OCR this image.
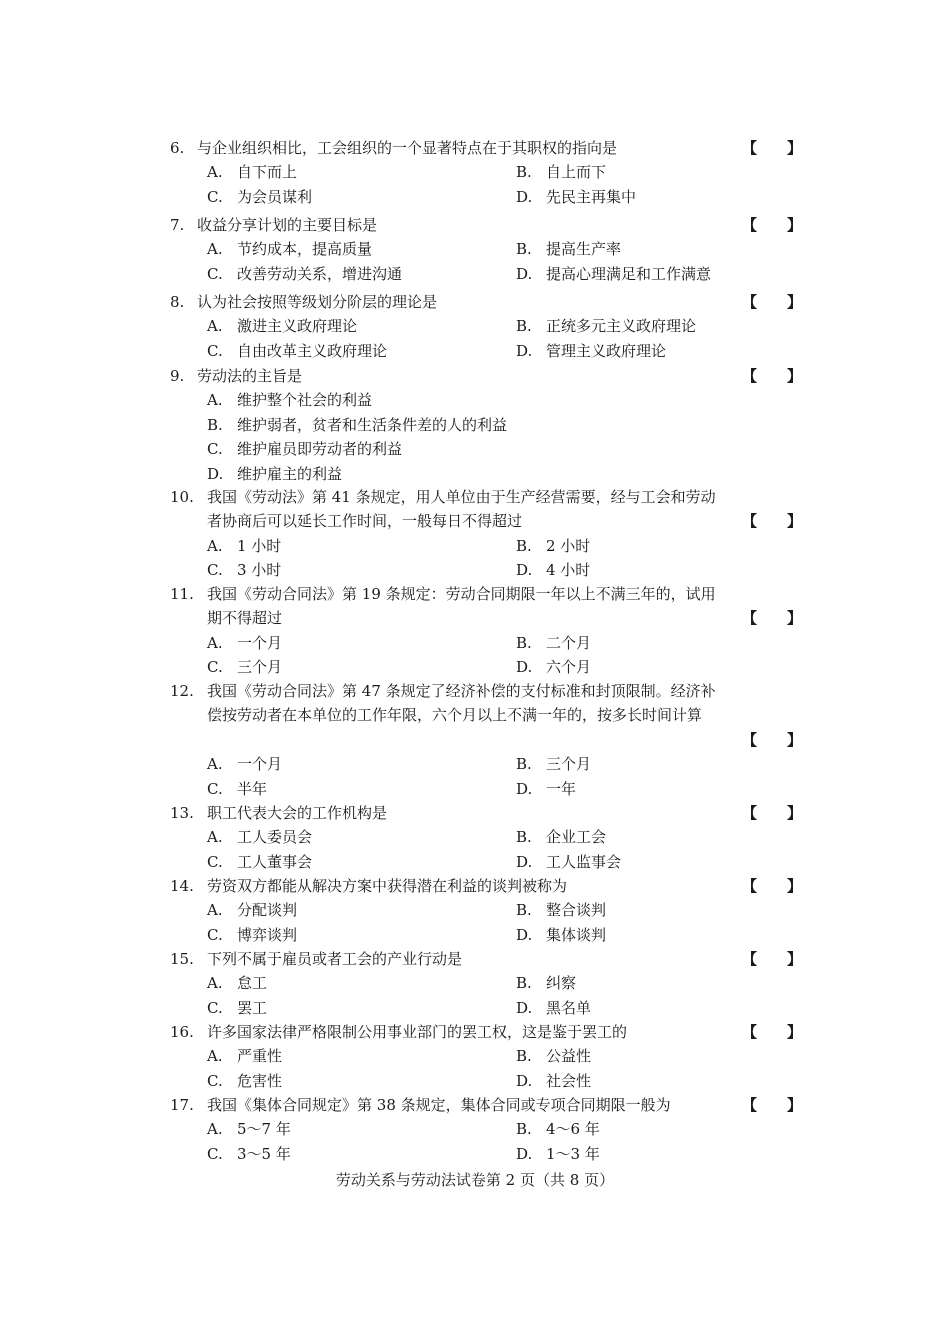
6. 与企业组织相比，工会组织的一个显著特点在于其职权的指向是	【 】
A. 自下而上	B. 自上而下
C. 为会员谋利	D. 先民主再集中
7. 收益分享计划的主要目标是	【 】
A. 节约成本，提高质量	B. 提高生产率
C. 改善劳动关系，增进沟通	D. 提高心理满足和工作满意
8. 认为社会按照等级划分阶层的理论是	【 】
A. 激进主义政府理论	B. 正统多元主义政府理论
C. 自由改革主义政府理论	D. 管理主义政府理论
9. 劳动法的主旨是	【 】
A. 维护整个社会的利益
B. 维护弱者，贫者和生活条件差的人的利益
C. 维护雇员即劳动者的利益
D. 维护雇主的利益
10. 我国《劳动法》第 41 条规定，用人单位由于生产经营需要，经与工会和劳动
者协商后可以延长工作时间，一般每日不得超过	【 】
A. 1 小时	B. 2 小时
C. 3 小时	D. 4 小时
11. 我国《劳动合同法》第 19 条规定：劳动合同期限一年以上不满三年的，试用
期不得超过	【 】
A. 一个月	B. 二个月
C. 三个月	D. 六个月
12. 我国《劳动合同法》第 47 条规定了经济补偿的支付标准和封顶限制。经济补
偿按劳动者在本单位的工作年限，六个月以上不满一年的，按多长时间计算
【 】
A. 一个月	B. 三个月
C. 半年	D. 一年
13. 职工代表大会的工作机构是	【 】
A. 工人委员会	B. 企业工会
C. 工人董事会	D. 工人监事会
14. 劳资双方都能从解决方案中获得潜在利益的谈判被称为	【 】
A. 分配谈判	B. 整合谈判
C. 博弈谈判	D. 集体谈判
15. 下列不属于雇员或者工会的产业行动是	【 】
A. 怠工	B. 纠察
C. 罢工	D. 黑名单
16. 许多国家法律严格限制公用事业部门的罢工权，这是鉴于罢工的	【 】
A. 严重性	B. 公益性
C. 危害性	D. 社会性
17. 我国《集体合同规定》第 38 条规定，集体合同或专项合同期限一般为	【 】
A. 5～7 年	B. 4～6 年
C. 3～5 年	D. 1～3 年
劳动关系与劳动法试卷第 2 页（共 8 页）
